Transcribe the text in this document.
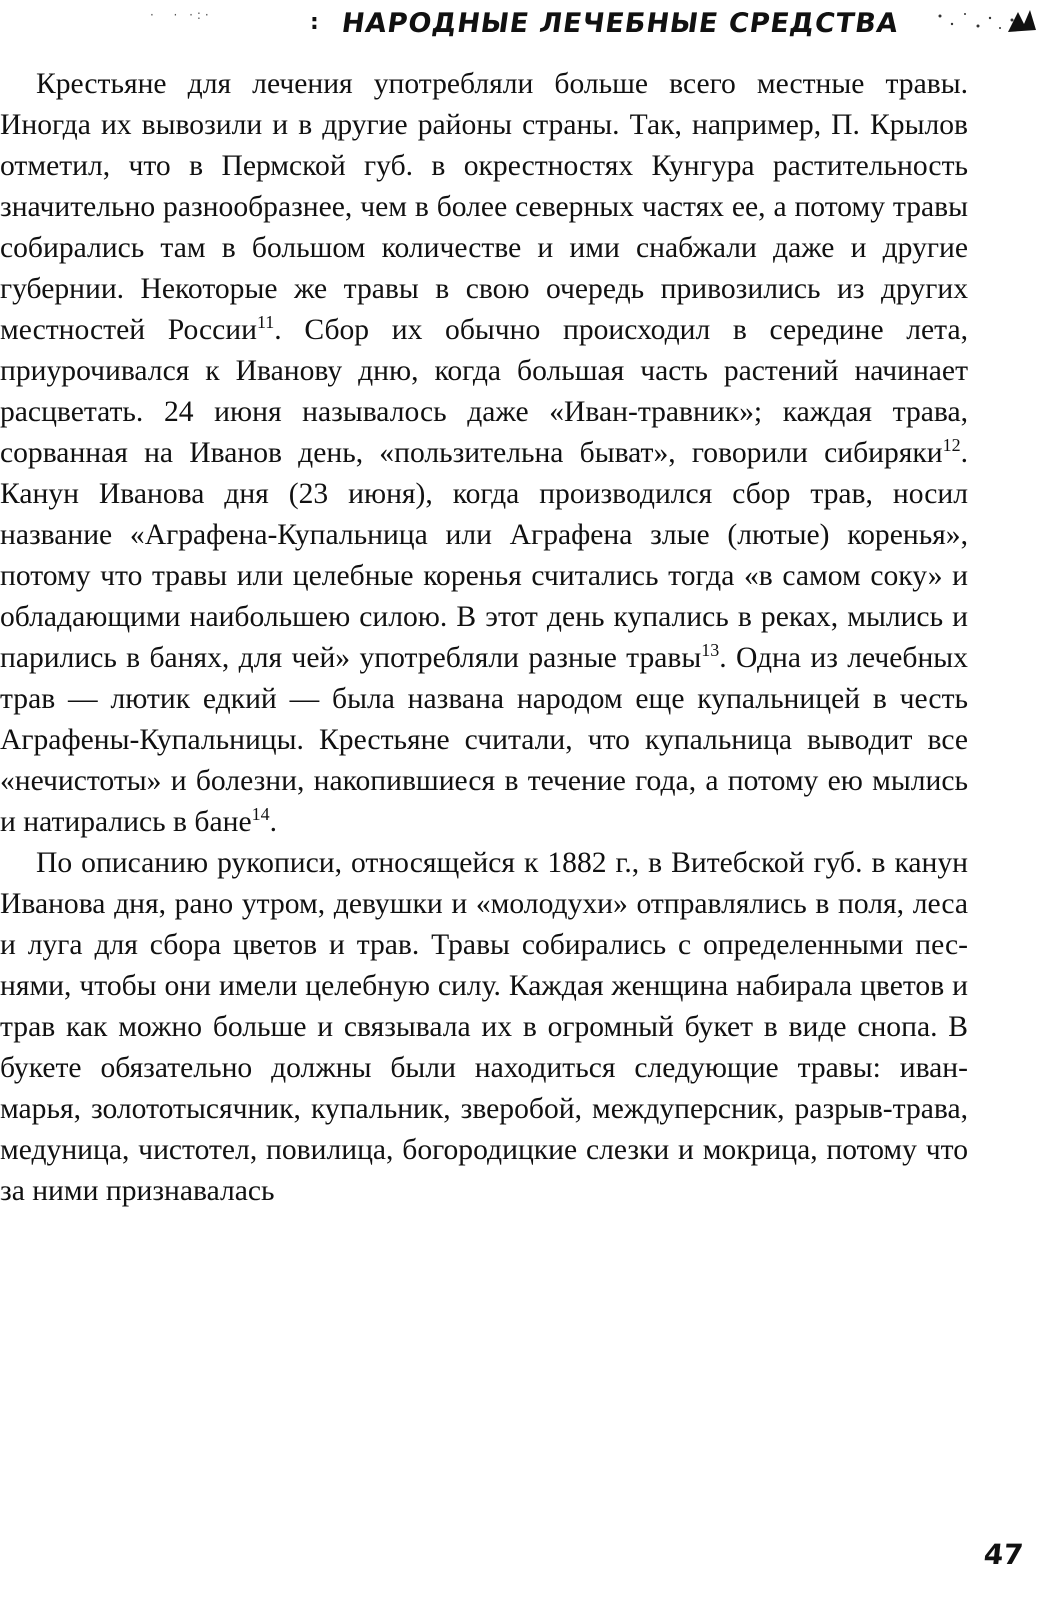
·  · ·:·	: НАРОДНЫЕ ЛЕЧЕБНЫЕ СРЕДСТВА

Крестьяне для лечения употребляли больше всего местные травы. Иногда их вывозили и в другие районы страны. Так, например, П. Крылов отметил, что в Пермской губ. в окрестностях Кунгура растительность значительно разнообразнее, чем в более северных частях ее, а потому травы собирались там в большом количестве и ими снабжали даже и другие губернии. Некоторые же травы в свою очередь привозились из других местностей России$^{11}$. Сбор их обычно происходил в середине лета, приурочивался к Иванову дню, когда большая часть растений начинает расцветать. 24 июня называлось даже «Иван-травник»; каждая трава, сорванная на Иванов день, «пользительна быват», говорили сибиряки$^{12}$. Канун Иванова дня (23 июня), когда производился сбор трав, носил название «Аграфена-Купальница или Аграфена злые (лютые) коренья», потому что травы или целебные коренья считались тогда «в самом соку» и обладающими наибольшею силою. В этот день купались в реках, мылись и парились в банях, для чей» употребляли разные травы$^{13}$. Одна из лечебных трав — лютик едкий — была названа народом еще купальницей в честь Аграфены-Купальницы. Крестьяне считали, что купальница выводит все «нечистоты» и болезни, накопившиеся в течение года, а потому ею мылись и натирались в бане$^{14}$.

По описанию рукописи, относящейся к 1882 г., в Витебской губ. в канун Иванова дня, рано утром, девушки и «молодухи» отправлялись в поля, леса и луга для сбора цветов и трав. Травы собирались с определенными песнями, чтобы они имели целебную силу. Каждая женщина набирала цветов и трав как можно больше и связывала их в огромный букет в виде снопа. В букете обязательно должны были находиться следующие травы: иван-марья, золототысячник, купальник, зверобой, междуперсник, разрыв-трава, медуница, чистотел, повилица, богородицкие слезки и мокрица, потому что за ними признавалась

47
